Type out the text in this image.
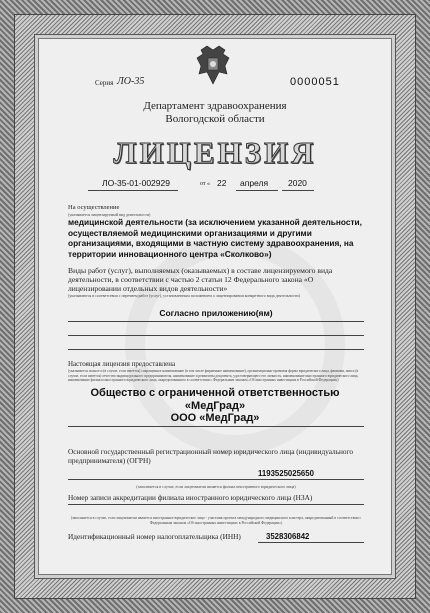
Серия ЛО-35	0000051
Департамент здравоохранения
Вологодской области
ЛИЦЕНЗИЯ
ЛО-35-01-002929	от « 22 апреля 2020
На осуществление
(указывается лицензируемый вид деятельности)
медицинской деятельности (за исключением указанной деятельности, осуществляемой медицинскими организациями и другими организациями, входящими в частную систему здравоохранения, на территории инновационного центра «Сколково»)
Виды работ (услуг), выполняемых (оказываемых) в составе лицензируемого вида деятельности, в соответствии с частью 2 статьи 12 Федерального закона «О лицензировании отдельных видов деятельности»
(указываются в соответствии с перечнем работ (услуг), установленным положением о лицензировании конкретного вида деятельности)
Согласно приложению(ям)
Настоящая лицензия предоставлена
(указывается полное и (в случае, если имеется) сокращенное наименование (в том числе фирменное наименование), организационно-правовая форма юридического лица, фамилия, имя и (в случае, если имеется) отчество индивидуального предпринимателя, наименование и реквизиты документа, удостоверяющего его личность, наименование иностранного юридического лица, наименование филиала иностранного юридического лица, аккредитованного в соответствии с Федеральным законом «Об иностранных инвестициях в Российской Федерации»)
Общество с ограниченной ответственностью
«МедГрад»
ООО «МедГрад»
Основной государственный регистрационный номер юридического лица (индивидуального предпринимателя) (ОГРН)
1193525025650
(заполняется в случае, если лицензиатом является филиал иностранного юридического лица)
Номер записи аккредитации филиала иностранного юридического лица (НЗА)
(заполняется в случае, если лицензиатом является иностранное юридическое лицо - участник проекта международного медицинского кластера, аккредитованный в соответствии с Федеральным законом «Об иностранных инвестициях в Российской Федерации»)
Идентификационный номер налогоплательщика (ИНН)	3528306842
